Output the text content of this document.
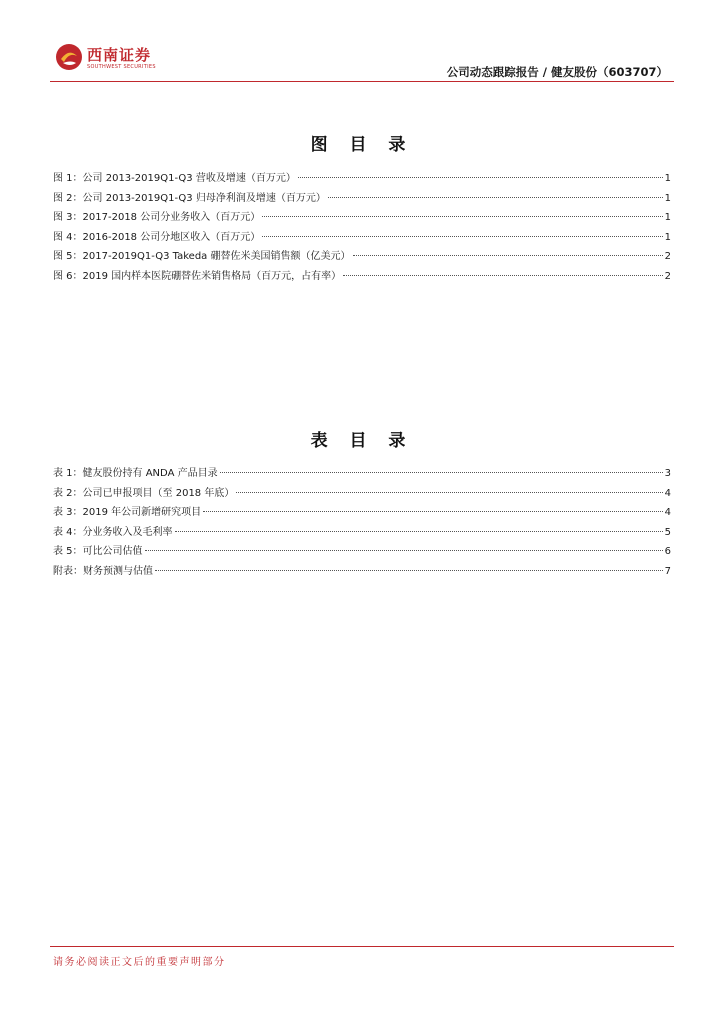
西南证券
SOUTHWEST SECURITIES	公司动态跟踪报告 / 健友股份（603707）
图 目 录
图 1：公司 2013-2019Q1-Q3 营收及增速（百万元）	1
图 2：公司 2013-2019Q1-Q3 归母净利润及增速（百万元）	1
图 3：2017-2018 公司分业务收入（百万元）	1
图 4：2016-2018 公司分地区收入（百万元）	1
图 5：2017-2019Q1-Q3 Takeda 硼替佐米美国销售额（亿美元）	2
图 6：2019 国内样本医院硼替佐米销售格局（百万元，占有率）	2
表 目 录
表 1：健友股份持有 ANDA 产品目录	3
表 2：公司已申报项目（至 2018 年底）	4
表 3：2019 年公司新增研究项目	4
表 4：分业务收入及毛利率	5
表 5：可比公司估值	6
附表：财务预测与估值	7
请务必阅读正文后的重要声明部分
